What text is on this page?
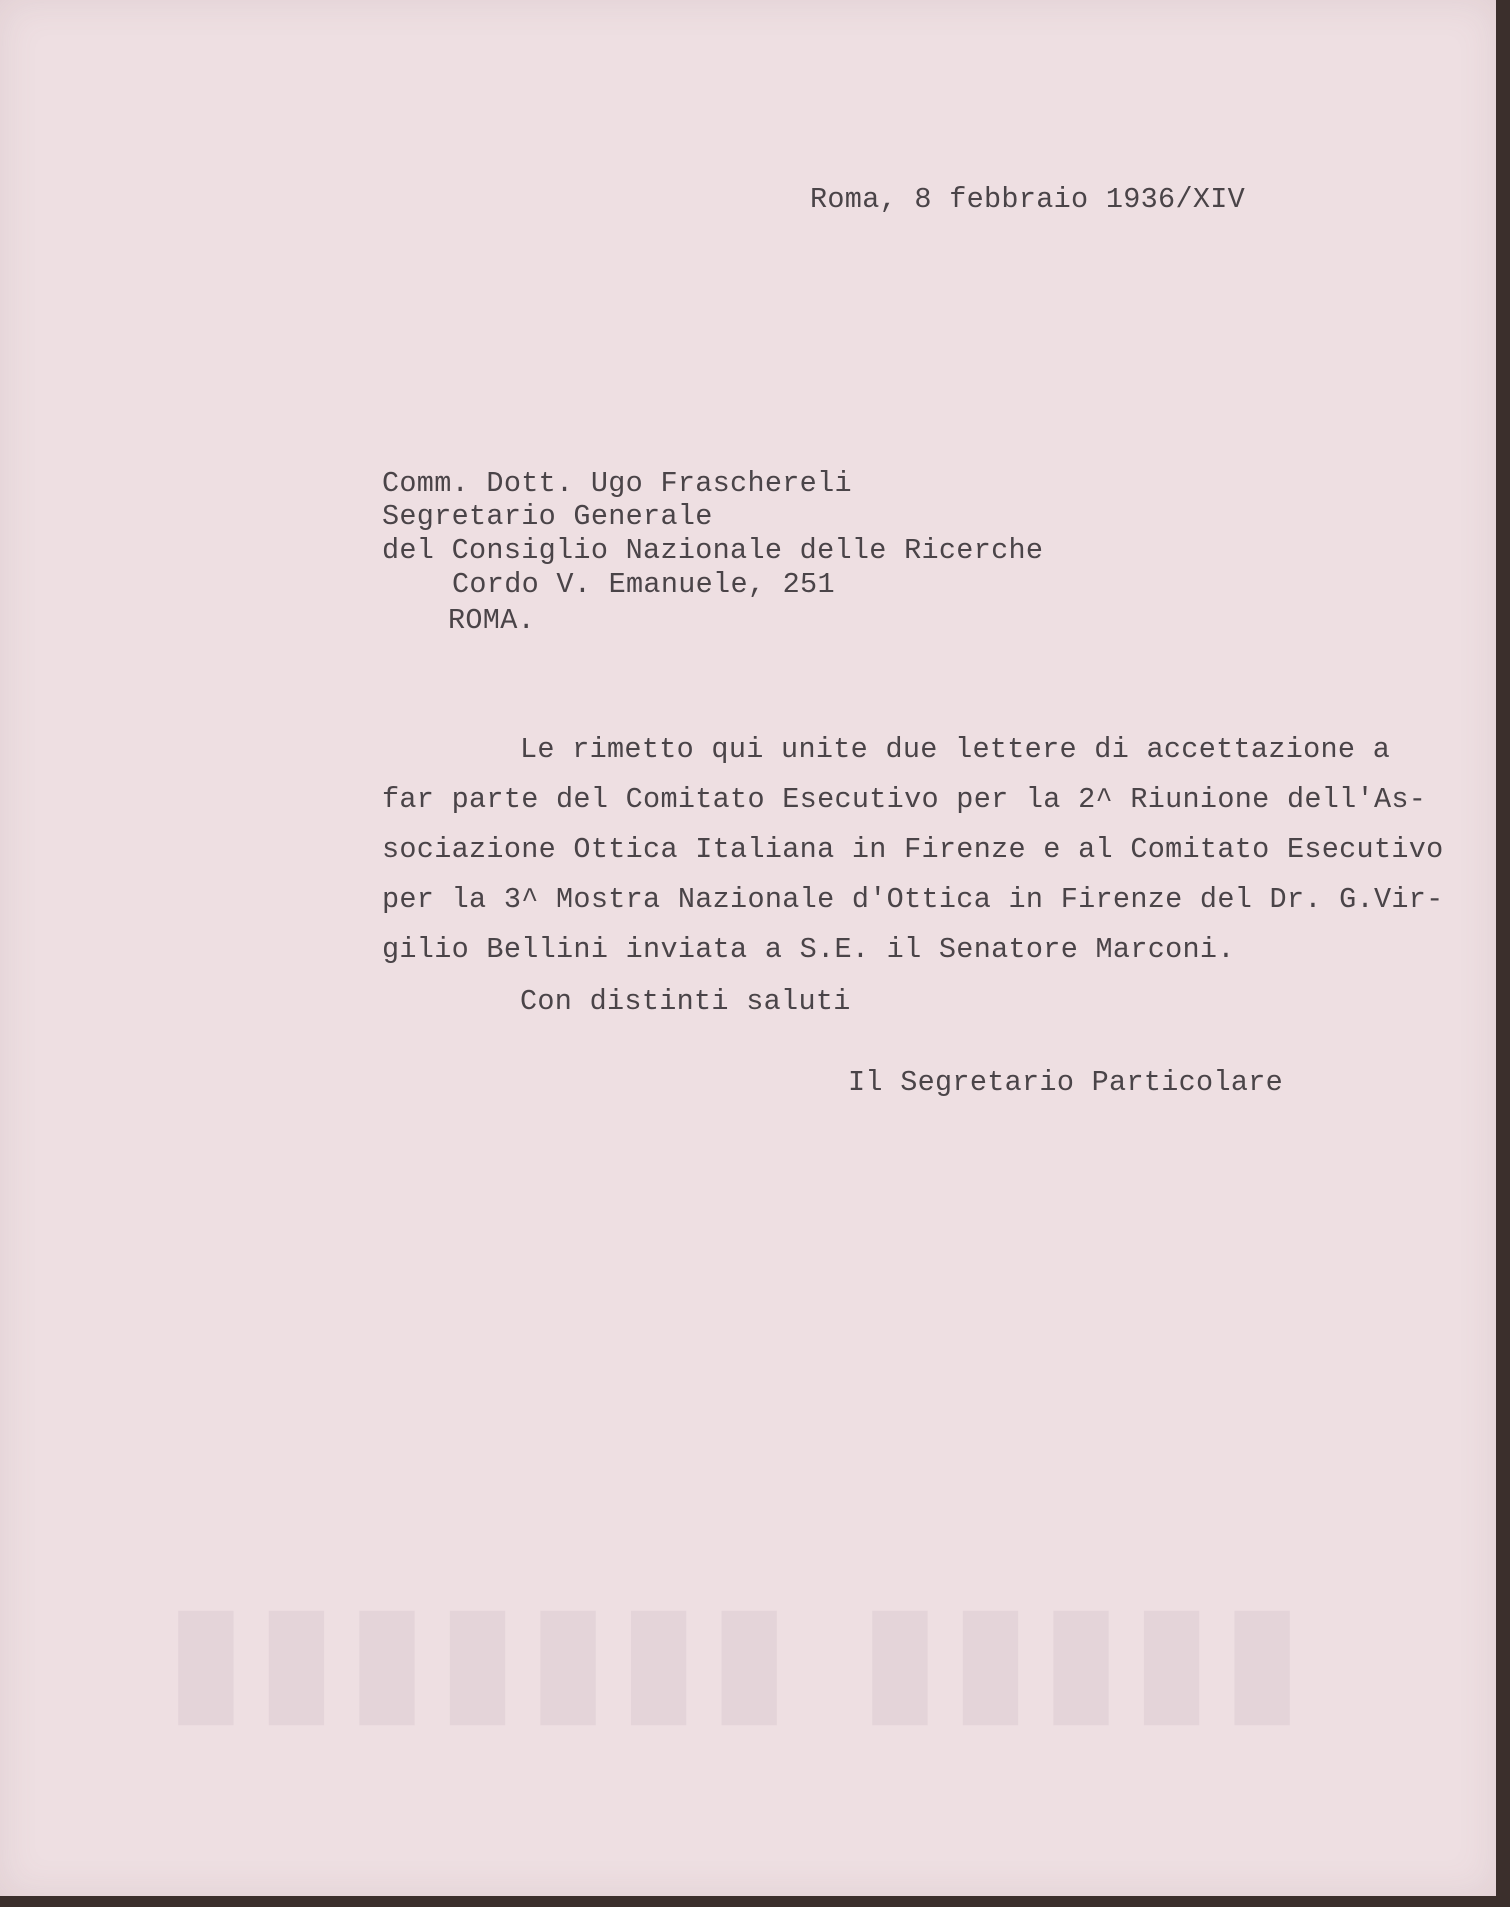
Roma, 8 febbraio 1936/XIV
Comm. Dott. Ugo Fraschereli
Segretario Generale
del Consiglio Nazionale delle Ricerche
Cordo V. Emanuele, 251
ROMA.
Le rimetto qui unite due lettere di accettazione a
far parte del Comitato Esecutivo per la 2^ Riunione dell'As-
sociazione Ottica Italiana in Firenze e al Comitato Esecutivo
per la 3^ Mostra Nazionale d'Ottica in Firenze del Dr. G.Vir-
gilio Bellini inviata a S.E. il Senatore Marconi.
Con distinti saluti
Il Segretario Particolare
▮▮▮▮▮ ▮▮▮▮▮▮▮
